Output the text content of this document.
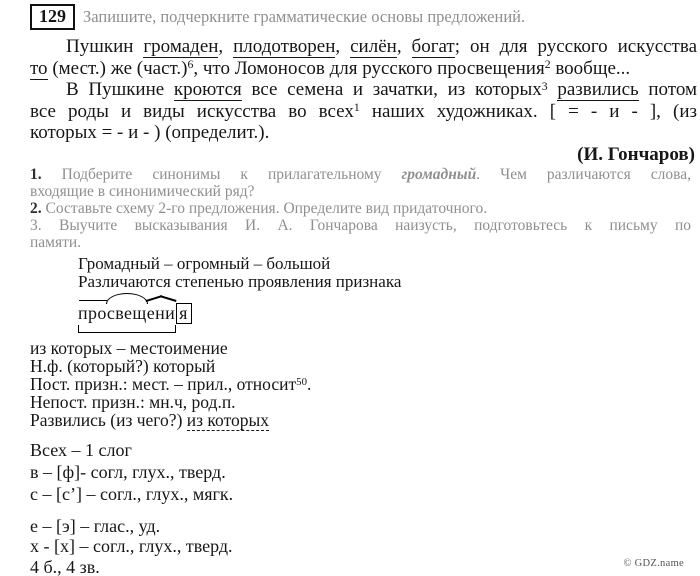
129	Запишите, подчеркните грамматические основы предложений.
Пушкин громаден, плодотворен, силён, богат; он для русского искусства
то (мест.) же (част.)$^6$, что Ломоносов для русского просвещения$^2$ вообще...
В Пушкине кроются все семена и зачатки, из которых$^3$ развились потом
все роды и виды искусства во всех$^1$ наших художниках. [ = - и - ], (из
которых = - и - ) (определит.).
(И. Гончаров)
1. Подберите синонимы к прилагательному громадный. Чем различаются слова,
входящие в синонимический ряд?
2. Составьте схему 2-го предложения. Определите вид придаточного.
3. Выучите высказывания И. А. Гончарова наизусть, подготовьтесь к письму по
памяти.
Громадный – огромный – большой
Различаются степенью проявления признака
просвещени я
из которых – местоимение
Н.ф. (который?) который
Пост. призн.: мест. – прил., относит$^{50}$.
Непост. призн.: мн.ч, род.п.
Развились (из чего?) из которых
Всех – 1 слог
в – [ф]- согл, глух., тверд.
с – [с’] – согл., глух., мягк.
е – [э] – глас., уд.
х - [х] – согл., глух., тверд.
4 б., 4 зв.	© GDZ.name
